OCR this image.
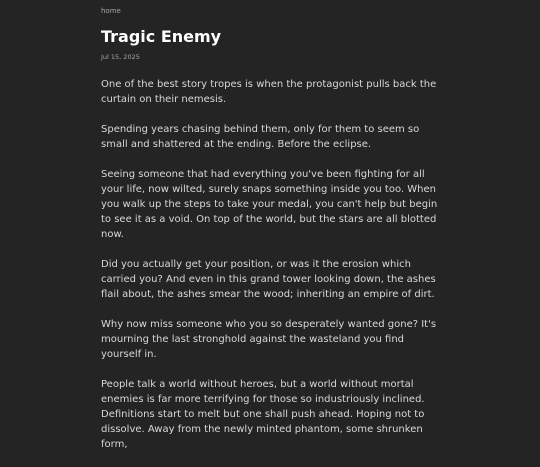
home
Tragic Enemy
Jul 15, 2025

One of the best story tropes is when the protagonist pulls back the curtain on their nemesis.

Spending years chasing behind them, only for them to seem so small and shattered at the ending. Before the eclipse.

Seeing someone that had everything you've been fighting for all your life, now wilted, surely snaps something inside you too. When you walk up the steps to take your medal, you can't help but begin to see it as a void. On top of the world, but the stars are all blotted now.

Did you actually get your position, or was it the erosion which carried you? And even in this grand tower looking down, the ashes flail about, the ashes smear the wood; inheriting an empire of dirt.

Why now miss someone who you so desperately wanted gone? It's mourning the last stronghold against the wasteland you find yourself in.

People talk a world without heroes, but a world without mortal enemies is far more terrifying for those so industriously inclined. Definitions start to melt but one shall push ahead. Hoping not to dissolve. Away from the newly minted phantom, some shrunken form,
